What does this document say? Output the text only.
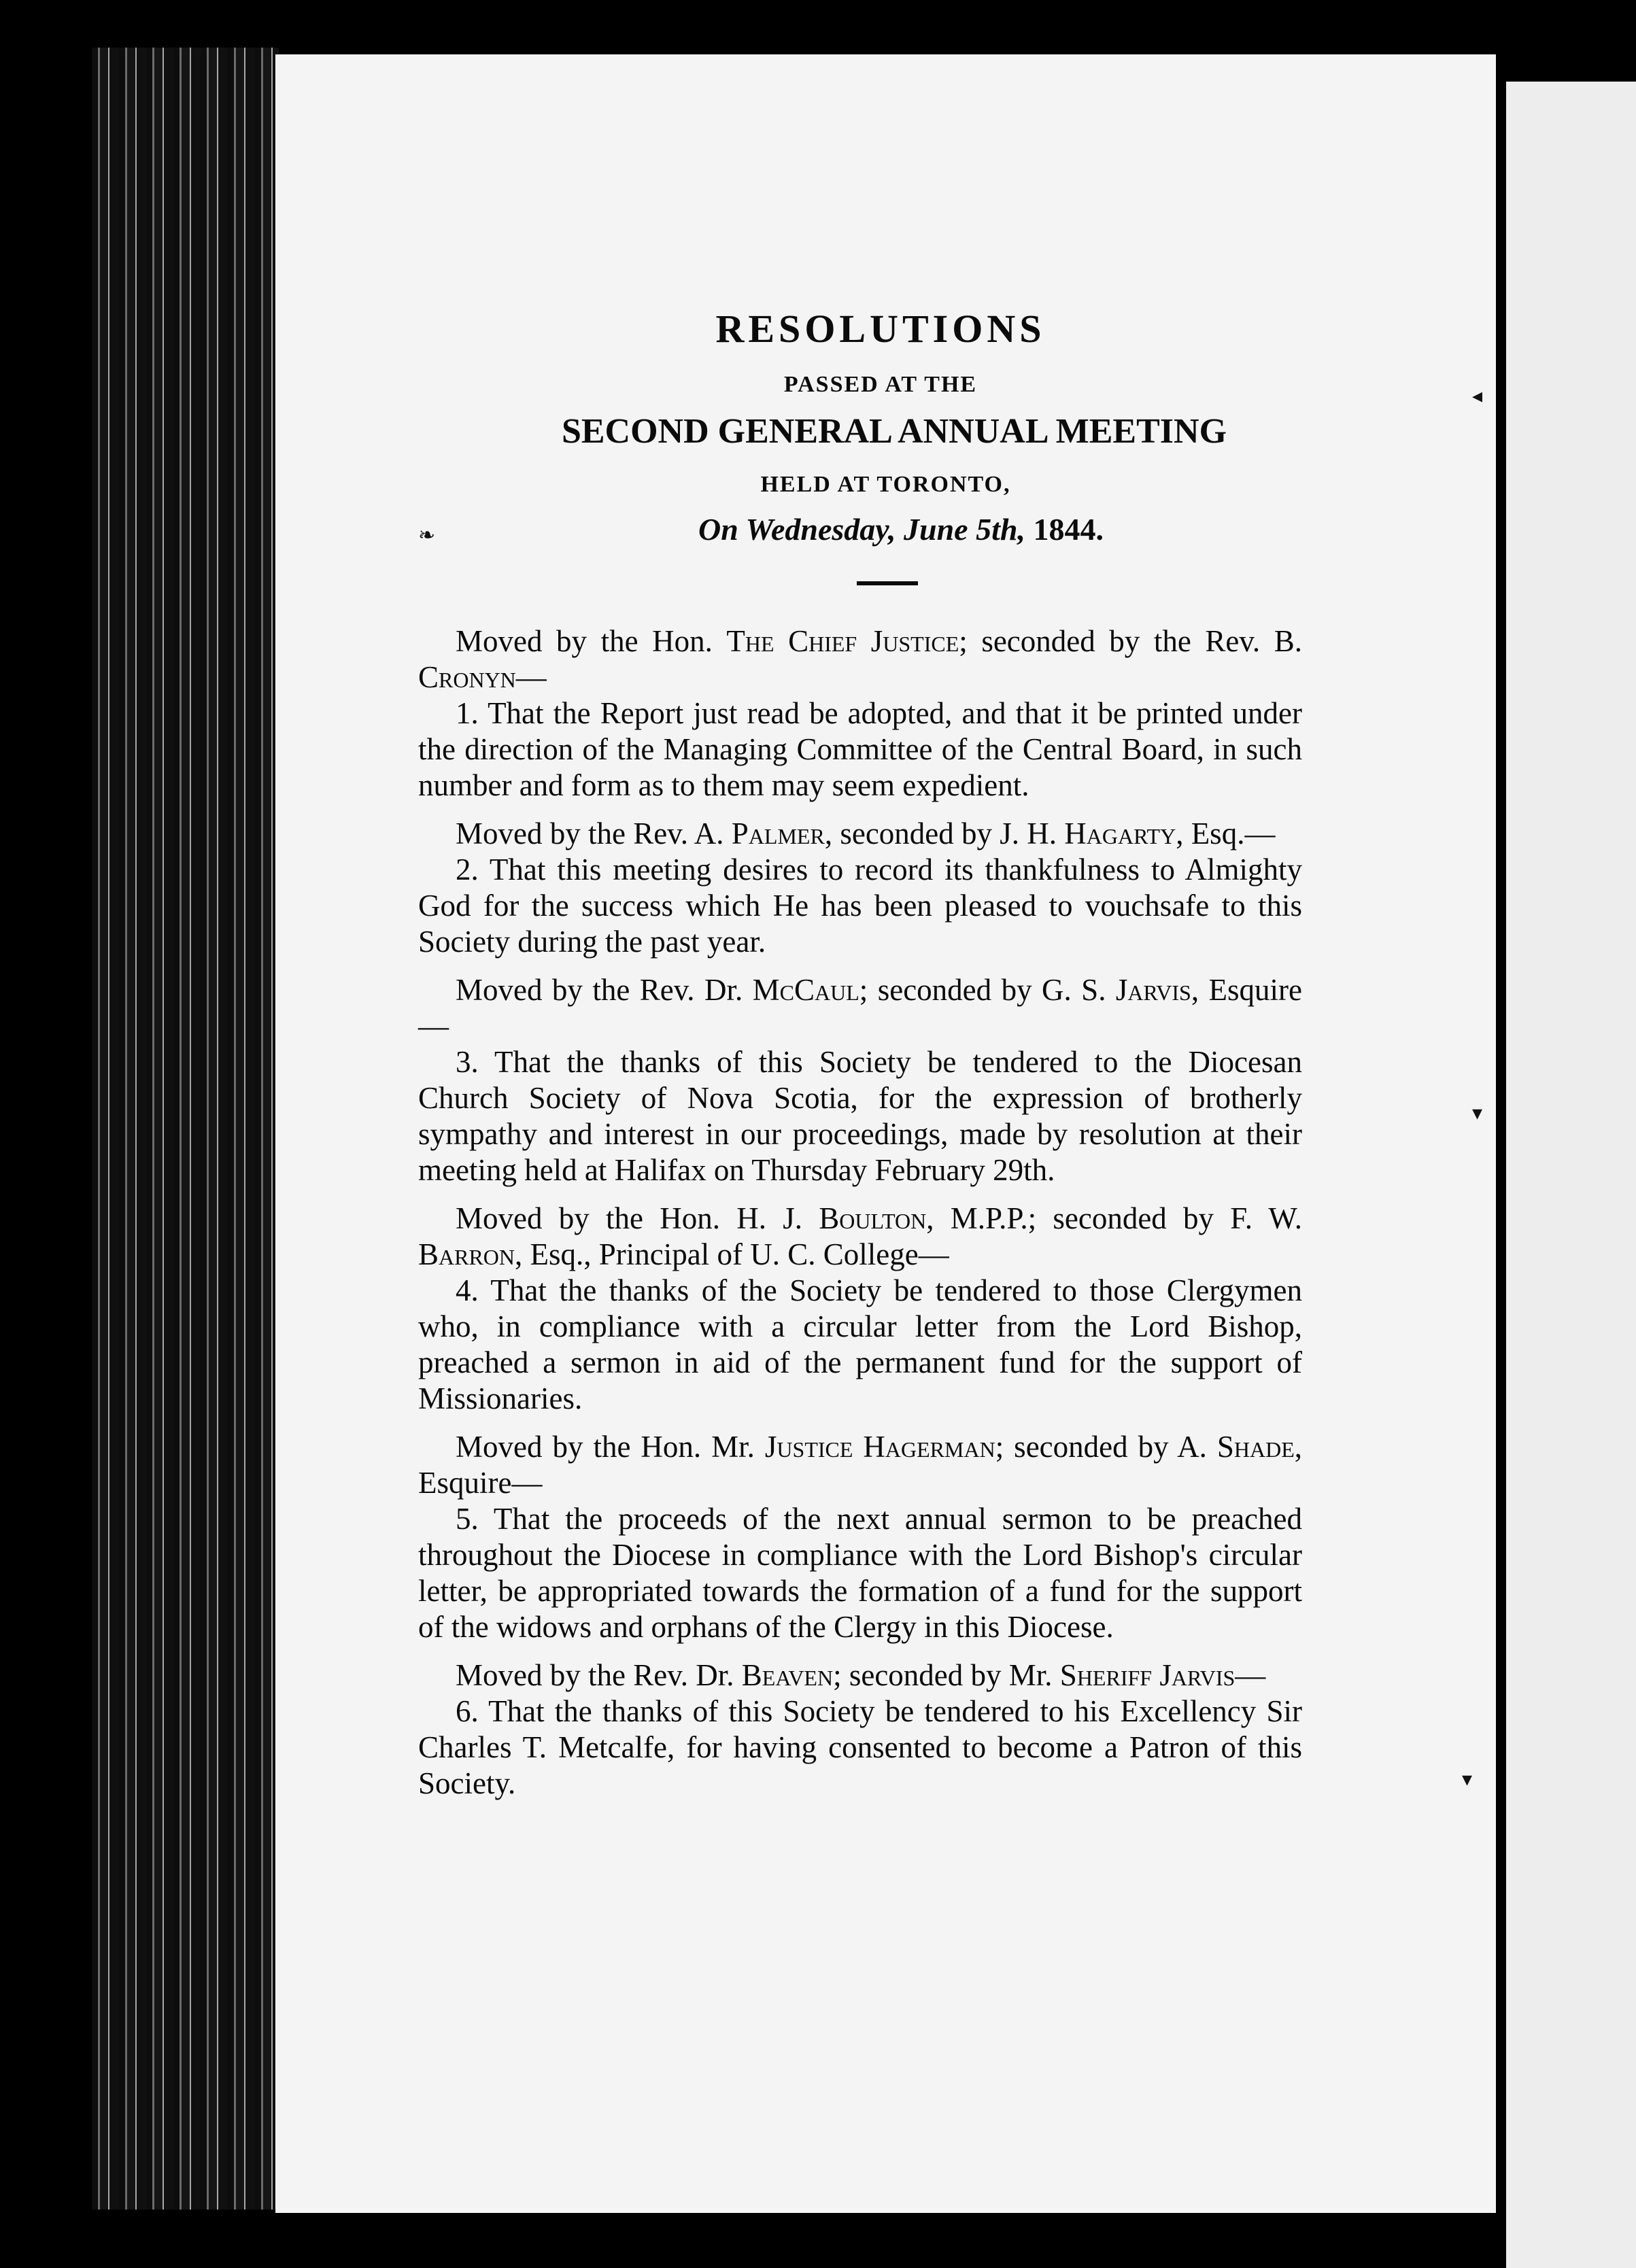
❧
◂
▾
▾
RESOLUTIONS
PASSED AT THE
SECOND GENERAL ANNUAL MEETING
HELD AT TORONTO,
On Wednesday, June 5th, 1844.

Moved by the Hon. The Chief Justice; seconded by the Rev. B. Cronyn—

1. That the Report just read be adopted, and that it be printed under the direction of the Managing Committee of the Central Board, in such number and form as to them may seem expedient.

Moved by the Rev. A. Palmer, seconded by J. H. Hagarty, Esq.—

2. That this meeting desires to record its thankfulness to Almighty God for the success which He has been pleased to vouchsafe to this Society during the past year.

Moved by the Rev. Dr. McCaul; seconded by G. S. Jarvis, Esquire—

3. That the thanks of this Society be tendered to the Diocesan Church Society of Nova Scotia, for the expression of brotherly sympathy and interest in our proceedings, made by resolution at their meeting held at Halifax on Thursday February 29th.

Moved by the Hon. H. J. Boulton, M.P.P.; seconded by F. W. Barron, Esq., Principal of U. C. College—

4. That the thanks of the Society be tendered to those Clergymen who, in compliance with a circular letter from the Lord Bishop, preached a sermon in aid of the permanent fund for the support of Missionaries.

Moved by the Hon. Mr. Justice Hagerman; seconded by A. Shade, Esquire—

5. That the proceeds of the next annual sermon to be preached throughout the Diocese in compliance with the Lord Bishop's circular letter, be appropriated towards the formation of a fund for the support of the widows and orphans of the Clergy in this Diocese.

Moved by the Rev. Dr. Beaven; seconded by Mr. Sheriff Jarvis—

6. That the thanks of this Society be tendered to his Excellency Sir Charles T. Metcalfe, for having consented to become a Patron of this Society.
